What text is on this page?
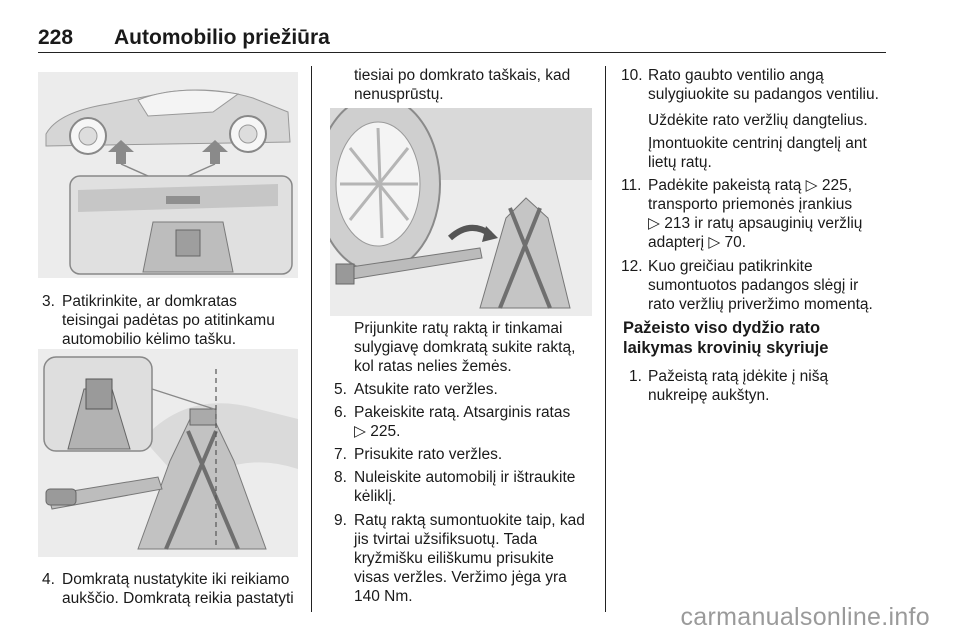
228 Automobilio priežiūra
3. Patikrinkite, ar domkratas
teisingai padėtas po atitinkamu
automobilio kėlimo tašku.
4. Domkratą nustatykite iki reikiamo
aukščio. Domkratą reikia pastatyti
tiesiai po domkrato taškais, kad
nenusprūstų.
Prijunkite ratų raktą ir tinkamai
sulygiavę domkratą sukite raktą,
kol ratas nelies žemės.
5. Atsukite rato veržles.
6. Pakeiskite ratą. Atsarginis ratas
▷ 225.
7. Prisukite rato veržles.
8. Nuleiskite automobilį ir ištraukite
kėliklį.
9. Ratų raktą sumontuokite taip, kad
jis tvirtai užsifiksuotų. Tada
kryžmišku eiliškumu prisukite
visas veržles. Veržimo jėga yra
140 Nm.
10. Rato gaubto ventilio angą
sulygiuokite su padangos ventiliu.
Uždėkite rato veržlių dangtelius.
Įmontuokite centrinį dangtelį ant
lietų ratų.
11. Padėkite pakeistą ratą ▷ 225,
transporto priemonės įrankius
▷ 213 ir ratų apsauginių veržlių
adapterį ▷ 70.
12. Kuo greičiau patikrinkite
sumontuotos padangos slėgį ir
rato veržlių priveržimo momentą.
Pažeisto viso dydžio rato
laikymas krovinių skyriuje
1. Pažeistą ratą įdėkite į nišą
nukreipę aukštyn.
carmanualsonline.info
